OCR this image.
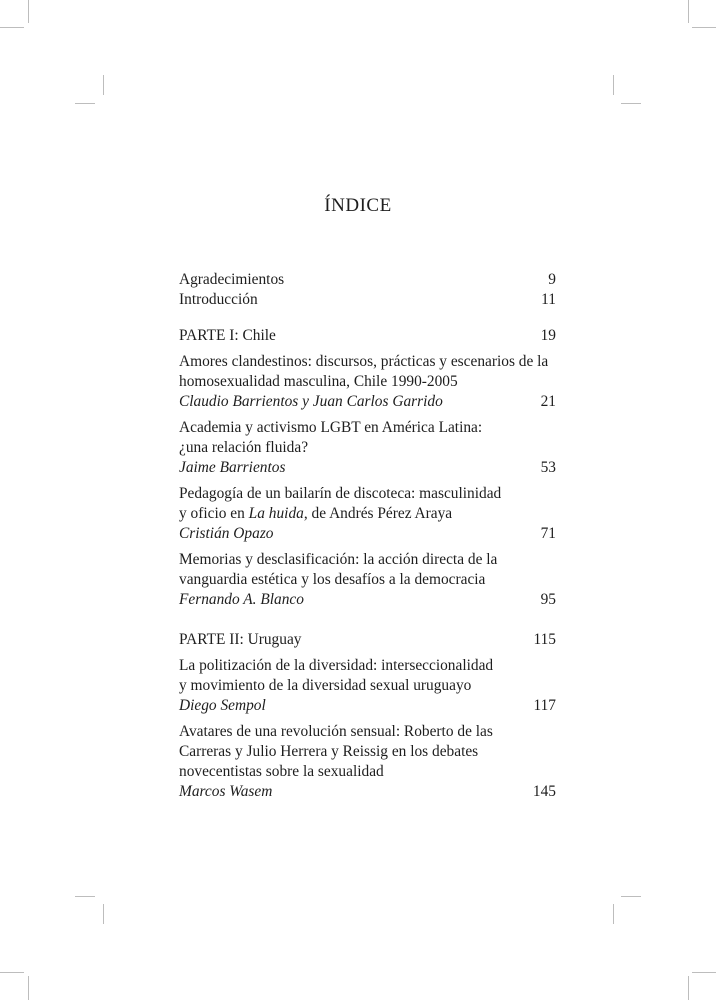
ÍNDICE
Agradecimientos	9
Introducción	11
PARTE I: Chile	19
Amores clandestinos: discursos, prácticas y escenarios de la
homosexualidad masculina, Chile 1990-2005
Claudio Barrientos y Juan Carlos Garrido	21
Academia y activismo LGBT en América Latina:
¿una relación fluida?
Jaime Barrientos	53
Pedagogía de un bailarín de discoteca: masculinidad
y oficio en La huida, de Andrés Pérez Araya
Cristián Opazo	71
Memorias y desclasificación: la acción directa de la
vanguardia estética y los desafíos a la democracia
Fernando A. Blanco	95
PARTE II: Uruguay	115
La politización de la diversidad: interseccionalidad
y movimiento de la diversidad sexual uruguayo
Diego Sempol	117
Avatares de una revolución sensual: Roberto de las
Carreras y Julio Herrera y Reissig en los debates
novecentistas sobre la sexualidad
Marcos Wasem	145
